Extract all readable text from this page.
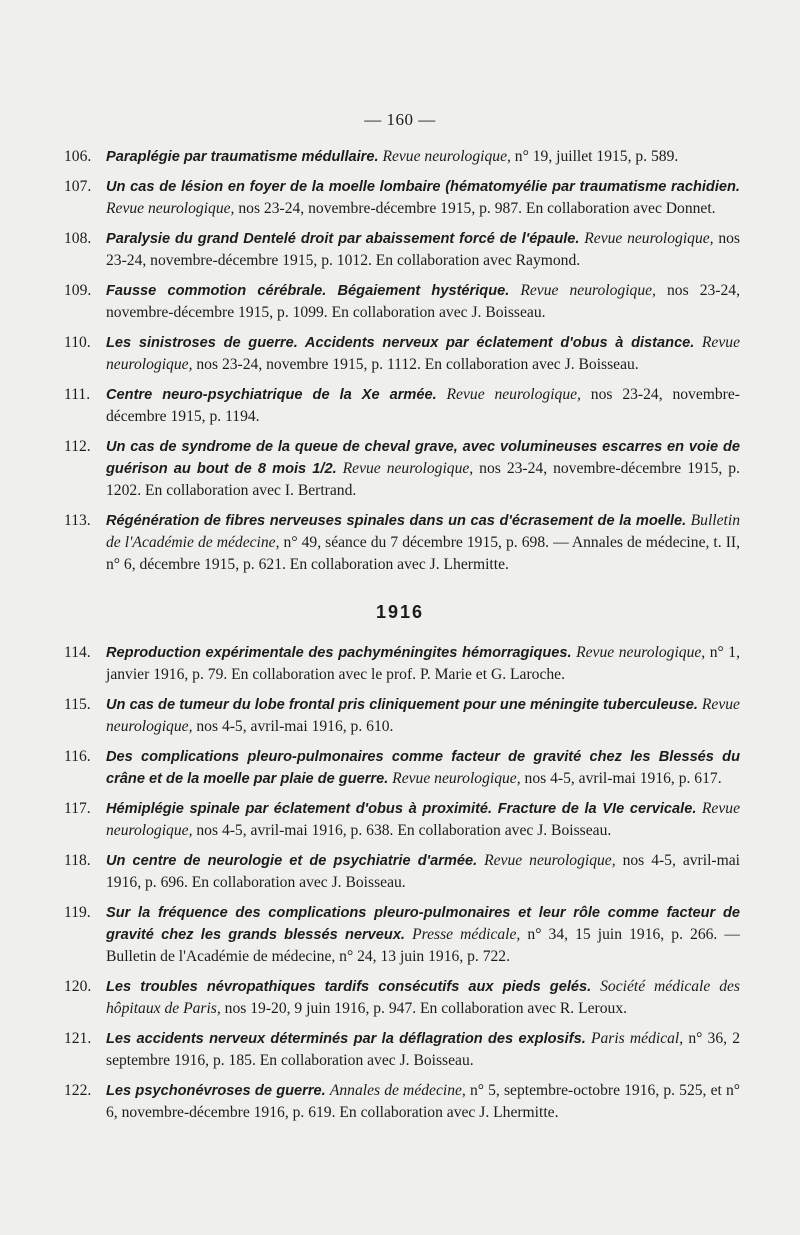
— 160 —
106.	Paraplégie par traumatisme médullaire. Revue neurologique, n° 19, juillet 1915, p. 589.
107.	Un cas de lésion en foyer de la moelle lombaire (hématomyélie par traumatisme rachidien. Revue neurologique, nos 23-24, novembre-décembre 1915, p. 987. En collaboration avec Donnet.
108.	Paralysie du grand Dentelé droit par abaissement forcé de l'épaule. Revue neurologique, nos 23-24, novembre-décembre 1915, p. 1012. En collaboration avec Raymond.
109.	Fausse commotion cérébrale. Bégaiement hystérique. Revue neurologique, nos 23-24, novembre-décembre 1915, p. 1099. En collaboration avec J. Boisseau.
110.	Les sinistroses de guerre. Accidents nerveux par éclatement d'obus à distance. Revue neurologique, nos 23-24, novembre 1915, p. 1112. En collaboration avec J. Boisseau.
111.	Centre neuro-psychiatrique de la Xe armée. Revue neurologique, nos 23-24, novembre-décembre 1915, p. 1194.
112.	Un cas de syndrome de la queue de cheval grave, avec volumineuses escarres en voie de guérison au bout de 8 mois 1/2. Revue neurologique, nos 23-24, novembre-décembre 1915, p. 1202. En collaboration avec I. Bertrand.
113.	Régénération de fibres nerveuses spinales dans un cas d'écrasement de la moelle. Bulletin de l'Académie de médecine, n° 49, séance du 7 décembre 1915, p. 698. — Annales de médecine, t. II, n° 6, décembre 1915, p. 621. En collaboration avec J. Lhermitte.
1916
114.	Reproduction expérimentale des pachyméningites hémorragiques. Revue neurologique, n° 1, janvier 1916, p. 79. En collaboration avec le prof. P. Marie et G. Laroche.
115.	Un cas de tumeur du lobe frontal pris cliniquement pour une méningite tuberculeuse. Revue neurologique, nos 4-5, avril-mai 1916, p. 610.
116.	Des complications pleuro-pulmonaires comme facteur de gravité chez les Blessés du crâne et de la moelle par plaie de guerre. Revue neurologique, nos 4-5, avril-mai 1916, p. 617.
117.	Hémiplégie spinale par éclatement d'obus à proximité. Fracture de la VIe cervicale. Revue neurologique, nos 4-5, avril-mai 1916, p. 638. En collaboration avec J. Boisseau.
118.	Un centre de neurologie et de psychiatrie d'armée. Revue neurologique, nos 4-5, avril-mai 1916, p. 696. En collaboration avec J. Boisseau.
119.	Sur la fréquence des complications pleuro-pulmonaires et leur rôle comme facteur de gravité chez les grands blessés nerveux. Presse médicale, n° 34, 15 juin 1916, p. 266. — Bulletin de l'Académie de médecine, n° 24, 13 juin 1916, p. 722.
120.	Les troubles névropathiques tardifs consécutifs aux pieds gelés. Société médicale des hôpitaux de Paris, nos 19-20, 9 juin 1916, p. 947. En collaboration avec R. Leroux.
121.	Les accidents nerveux déterminés par la déflagration des explosifs. Paris médical, n° 36, 2 septembre 1916, p. 185. En collaboration avec J. Boisseau.
122.	Les psychonévroses de guerre. Annales de médecine, n° 5, septembre-octobre 1916, p. 525, et n° 6, novembre-décembre 1916, p. 619. En collaboration avec J. Lhermitte.
